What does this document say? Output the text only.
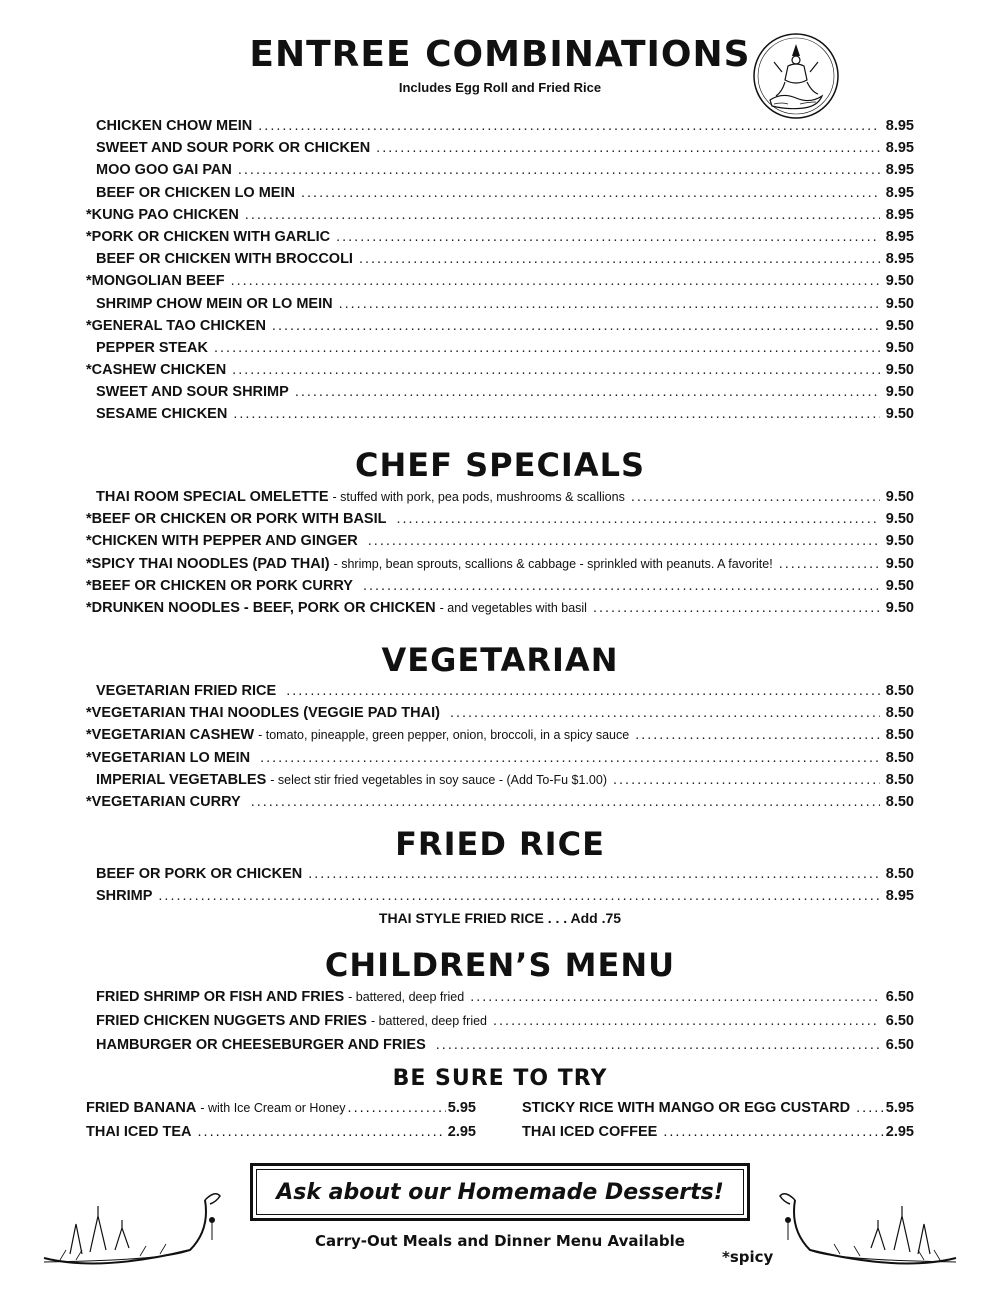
ENTREE COMBINATIONS
Includes Egg Roll and Fried Rice
CHICKEN CHOW MEIN .....	8.95
SWEET AND SOUR PORK OR CHICKEN .....	8.95
MOO GOO GAI PAN .....	8.95
BEEF OR CHICKEN LO MEIN .....	8.95
*KUNG PAO CHICKEN .....	8.95
*PORK OR CHICKEN WITH GARLIC .....	8.95
BEEF OR CHICKEN WITH BROCCOLI .....	8.95
*MONGOLIAN BEEF .....	9.50
SHRIMP CHOW MEIN OR LO MEIN .....	9.50
*GENERAL TAO CHICKEN .....	9.50
PEPPER STEAK .....	9.50
*CASHEW CHICKEN .....	9.50
SWEET AND SOUR SHRIMP .....	9.50
SESAME CHICKEN .....	9.50
CHEF SPECIALS
THAI ROOM SPECIAL OMELETTE - stuffed with pork, pea pods, mushrooms & scallions .....	9.50
*BEEF OR CHICKEN OR PORK WITH BASIL .....	9.50
*CHICKEN WITH PEPPER AND GINGER .....	9.50
*SPICY THAI NOODLES (PAD THAI) - shrimp, bean sprouts, scallions & cabbage - sprinkled with peanuts. A favorite! .....	9.50
*BEEF OR CHICKEN OR PORK CURRY .....	9.50
*DRUNKEN NOODLES - BEEF, PORK OR CHICKEN - and vegetables with basil .....	9.50
VEGETARIAN
VEGETARIAN FRIED RICE .....	8.50
*VEGETARIAN THAI NOODLES (VEGGIE PAD THAI) .....	8.50
*VEGETARIAN CASHEW - tomato, pineapple, green pepper, onion, broccoli, in a spicy sauce .....	8.50
*VEGETARIAN LO MEIN .....	8.50
IMPERIAL VEGETABLES - select stir fried vegetables in soy sauce - (Add To-Fu $1.00) .....	8.50
*VEGETARIAN CURRY .....	8.50
FRIED RICE
BEEF OR PORK OR CHICKEN .....	8.50
SHRIMP .....	8.95
THAI STYLE FRIED RICE . . . Add .75
CHILDREN’S MENU
FRIED SHRIMP OR FISH AND FRIES - battered, deep fried .....	6.50
FRIED CHICKEN NUGGETS AND FRIES - battered, deep fried .....	6.50
HAMBURGER OR CHEESEBURGER AND FRIES .....	6.50
BE SURE TO TRY
FRIED BANANA - with Ice Cream or Honey .....	5.95
THAI ICED TEA .....	2.95
STICKY RICE WITH MANGO OR EGG CUSTARD ..... 5.95
THAI ICED COFFEE .....	2.95
Ask about our Homemade Desserts!
Carry-Out Meals and Dinner Menu Available
*spicy
